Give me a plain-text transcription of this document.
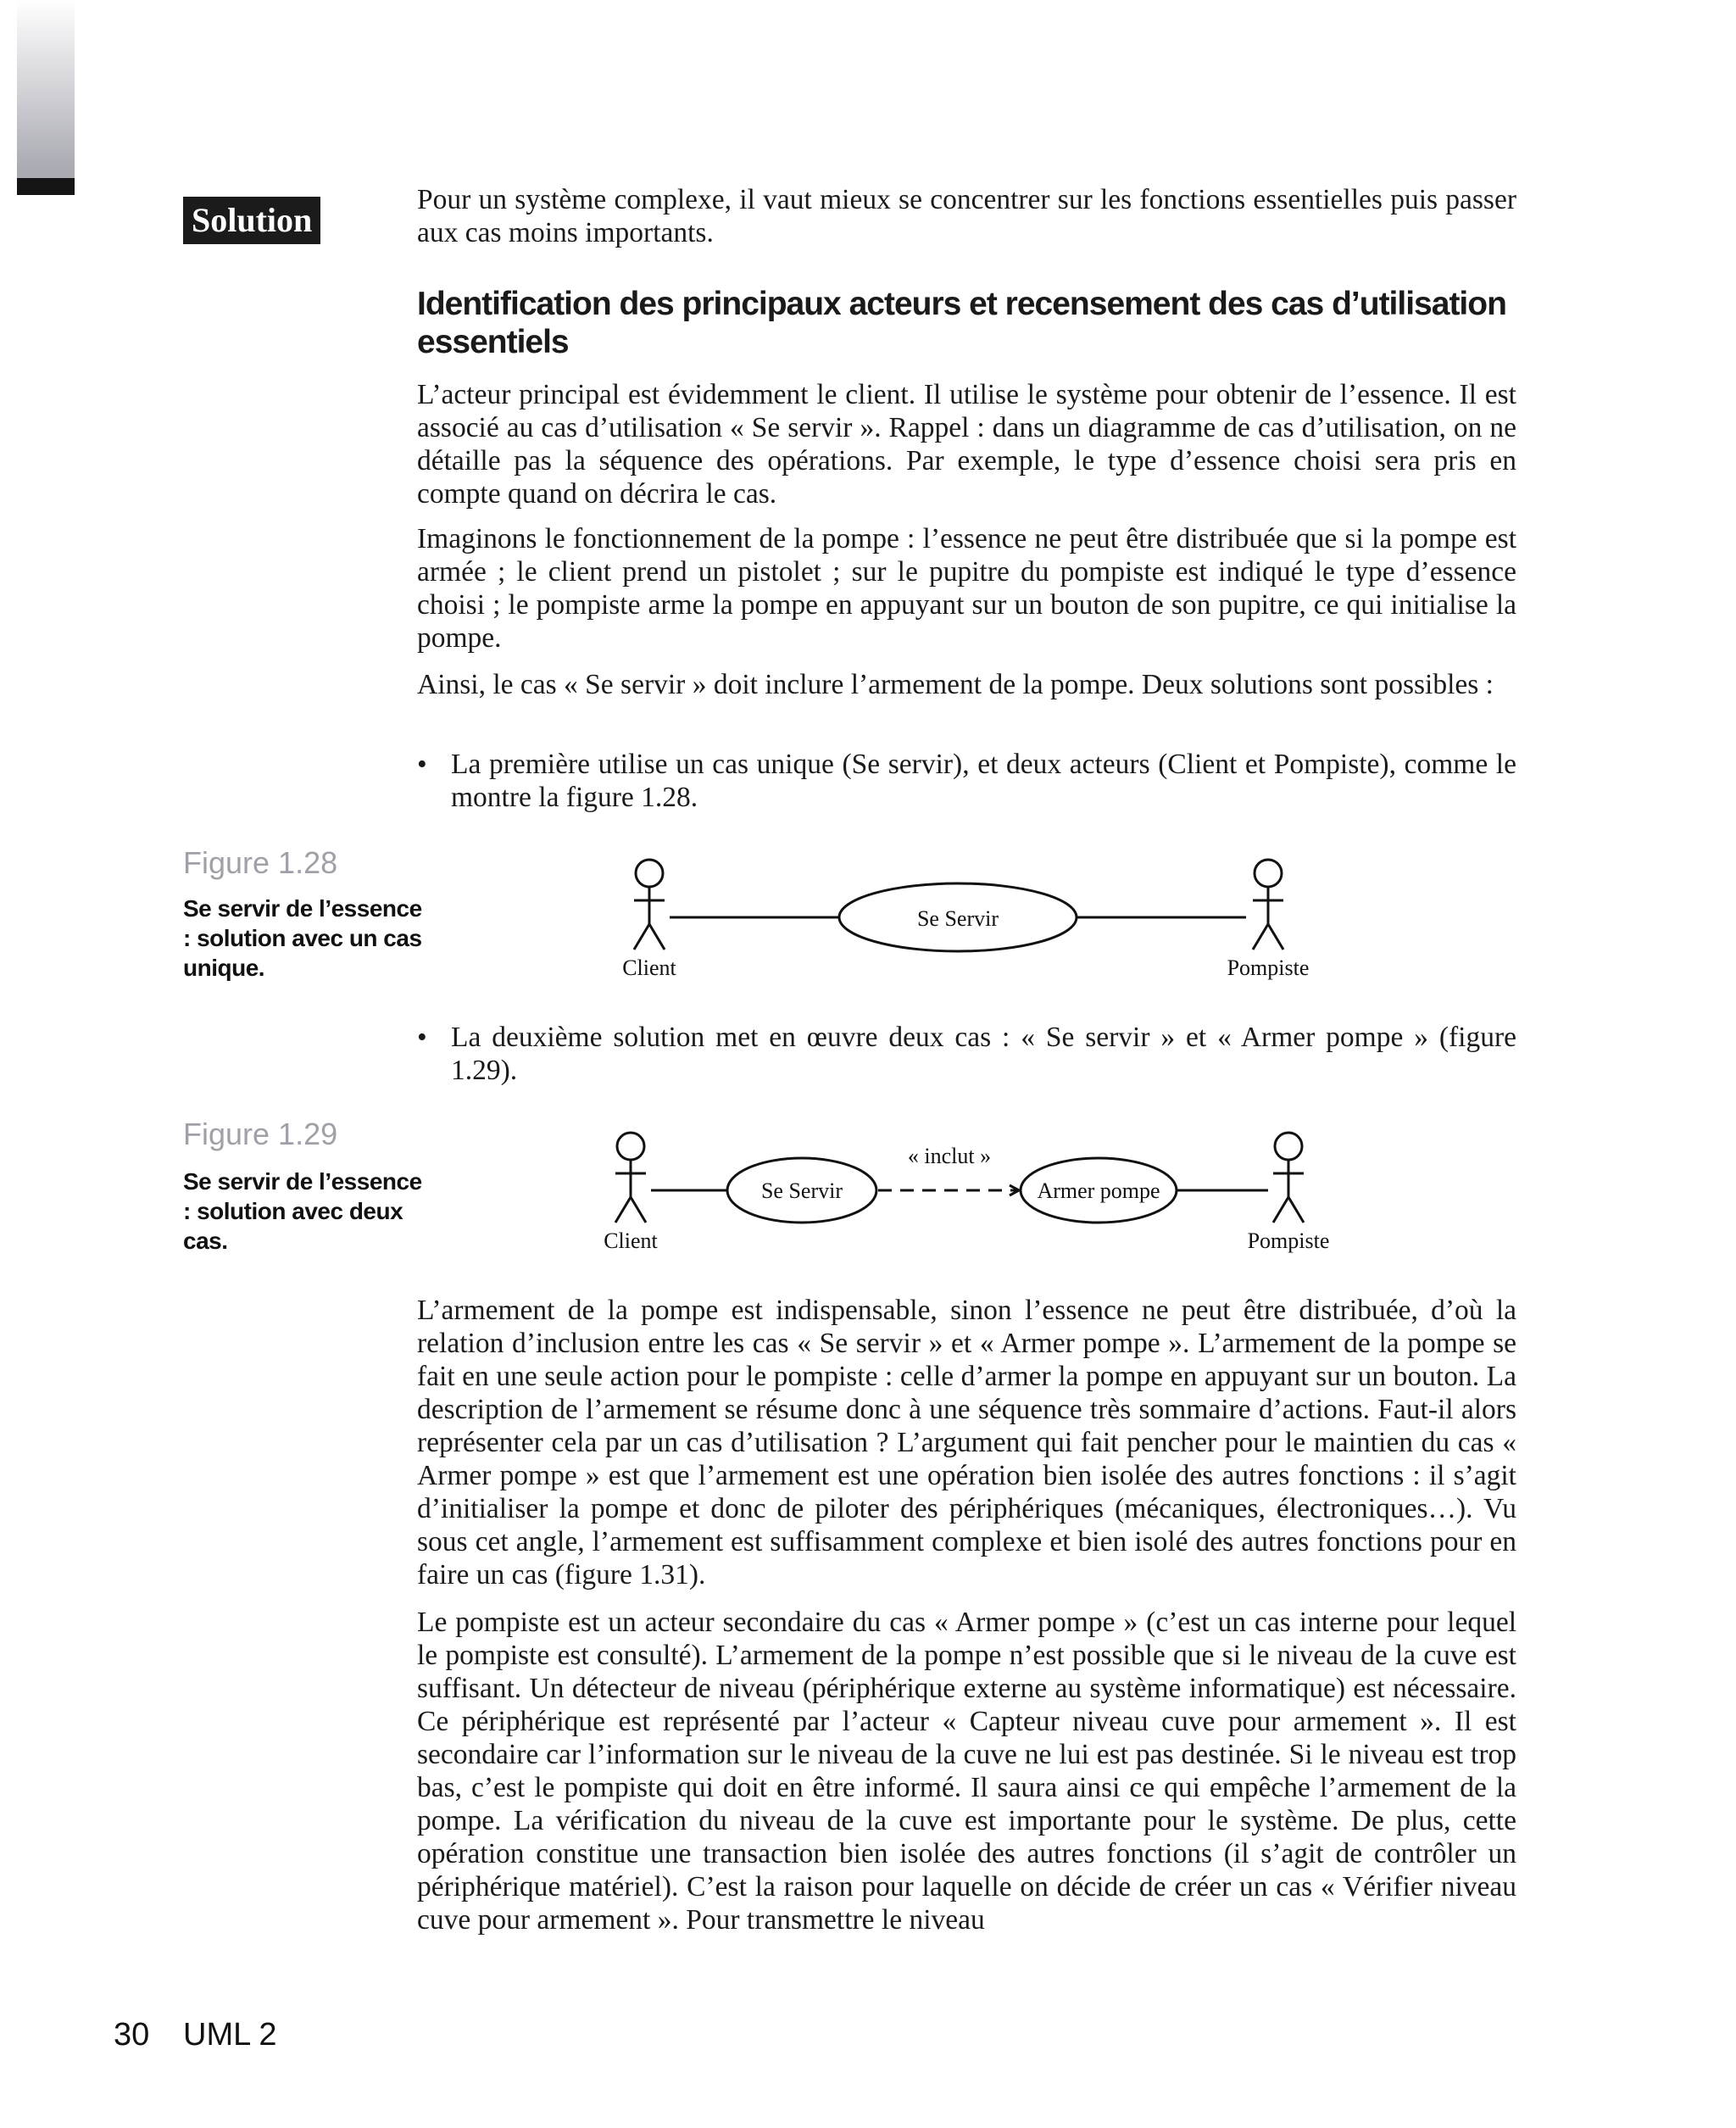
Solution

Pour un système complexe, il vaut mieux se concentrer sur les fonctions essentielles puis passer aux cas moins importants.

Identification des principaux acteurs et recensement des cas d’utilisation essentiels

L’acteur principal est évidemment le client. Il utilise le système pour obtenir de l’essence. Il est associé au cas d’utilisation « Se servir ». Rappel : dans un diagramme de cas d’utilisation, on ne détaille pas la séquence des opérations. Par exemple, le type d’essence choisi sera pris en compte quand on décrira le cas.

Imaginons le fonctionnement de la pompe : l’essence ne peut être distribuée que si la pompe est armée ; le client prend un pistolet ; sur le pupitre du pompiste est indiqué le type d’essence choisi ; le pompiste arme la pompe en appuyant sur un bouton de son pupitre, ce qui initialise la pompe.

Ainsi, le cas « Se servir » doit inclure l’armement de la pompe. Deux solutions sont possibles :

• La première utilise un cas unique (Se servir), et deux acteurs (Client et Pompiste), comme le montre la figure 1.28.

Figure 1.28
Se servir de l’essence : solution avec un cas unique.	Client
Se Servir
Pompiste
• La deuxième solution met en œuvre deux cas : « Se servir » et « Armer pompe » (figure 1.29).

Figure 1.29
Se servir de l’essence : solution avec deux cas.	Client
Se Servir
« inclut »
Armer pompe
Pompiste

L’armement de la pompe est indispensable, sinon l’essence ne peut être distribuée, d’où la relation d’inclusion entre les cas « Se servir » et « Armer pompe ». L’armement de la pompe se fait en une seule action pour le pompiste : celle d’armer la pompe en appuyant sur un bouton. La description de l’armement se résume donc à une séquence très sommaire d’actions. Faut-il alors représenter cela par un cas d’utilisation ? L’argument qui fait pencher pour le maintien du cas « Armer pompe » est que l’armement est une opération bien isolée des autres fonctions : il s’agit d’initialiser la pompe et donc de piloter des périphériques (mécaniques, électroniques…). Vu sous cet angle, l’armement est suffisamment complexe et bien isolé des autres fonctions pour en faire un cas (figure 1.31).

Le pompiste est un acteur secondaire du cas « Armer pompe » (c’est un cas interne pour lequel le pompiste est consulté). L’armement de la pompe n’est possible que si le niveau de la cuve est suffisant. Un détecteur de niveau (périphérique externe au système informatique) est nécessaire. Ce périphérique est représenté par l’acteur « Capteur niveau cuve pour armement ». Il est secondaire car l’information sur le niveau de la cuve ne lui est pas destinée. Si le niveau est trop bas, c’est le pompiste qui doit en être informé. Il saura ainsi ce qui empêche l’armement de la pompe. La vérification du niveau de la cuve est importante pour le système. De plus, cette opération constitue une transaction bien isolée des autres fonctions (il s’agit de contrôler un périphérique matériel). C’est la raison pour laquelle on décide de créer un cas « Vérifier niveau cuve pour armement ». Pour transmettre le niveau

30 UML 2
